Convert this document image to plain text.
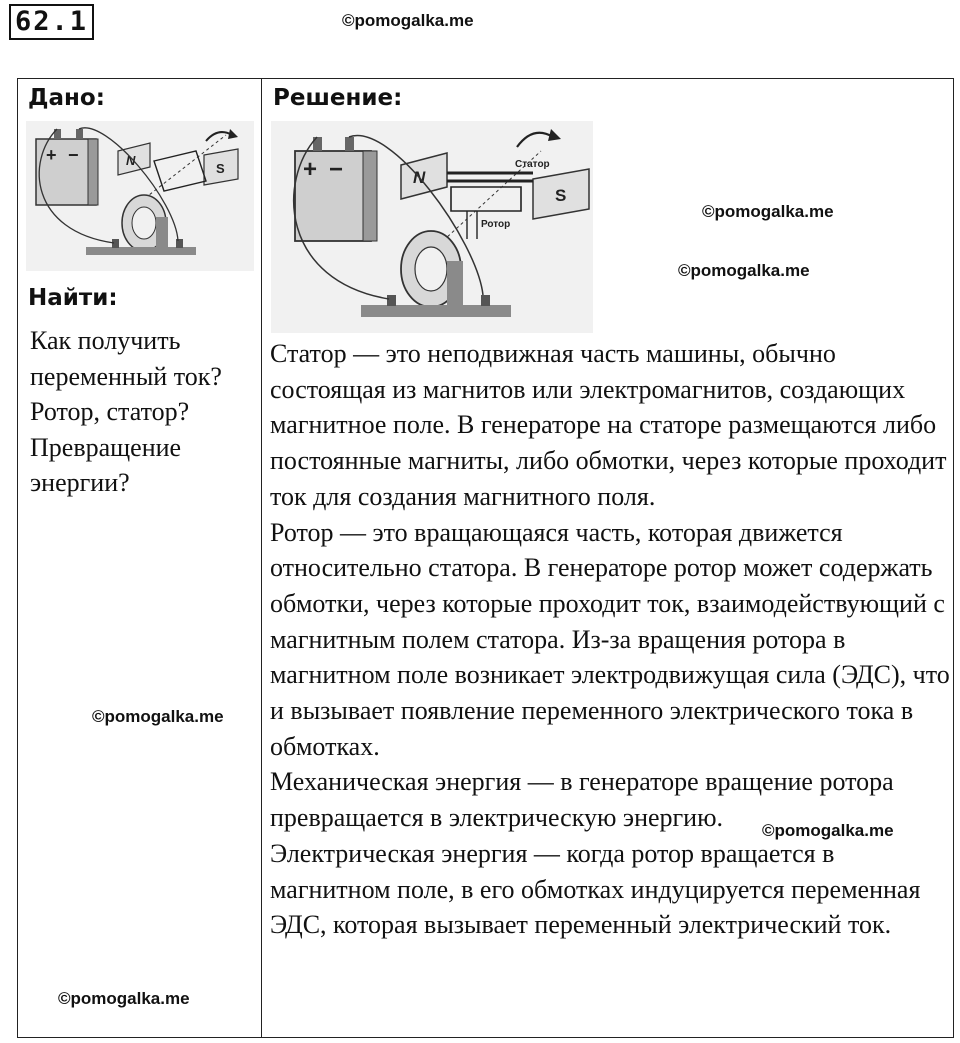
62.1	©pomogalka.me
Дано:
+ −	N
S
Найти:

Как получить переменный ток? Ротор, статор? Превращение энергии?

Решение:
+ −	N
S
Статор
Ротор

Статор — это неподвижная часть машины, обычно состоящая из магнитов или электромагнитов, создающих магнитное поле. В генераторе на статоре размещаются либо постоянные магниты, либо обмотки, через которые проходит ток для создания магнитного поля.

Ротор — это вращающаяся часть, которая движется относительно статора. В генераторе ротор может содержать обмотки, через которые проходит ток, взаимодействующий с магнитным полем статора. Из-за вращения ротора в магнитном поле возникает электродвижущая сила (ЭДС), что и вызывает появление переменного электрического тока в обмотках.

Механическая энергия — в генераторе вращение ротора превращается в электрическую энергию.

Электрическая энергия — когда ротор вращается в магнитном поле, в его обмотках индуцируется переменная ЭДС, которая вызывает переменный электрический ток.

©pomogalka.me
©pomogalka.me
©pomogalka.me
©pomogalka.me
©pomogalka.me
